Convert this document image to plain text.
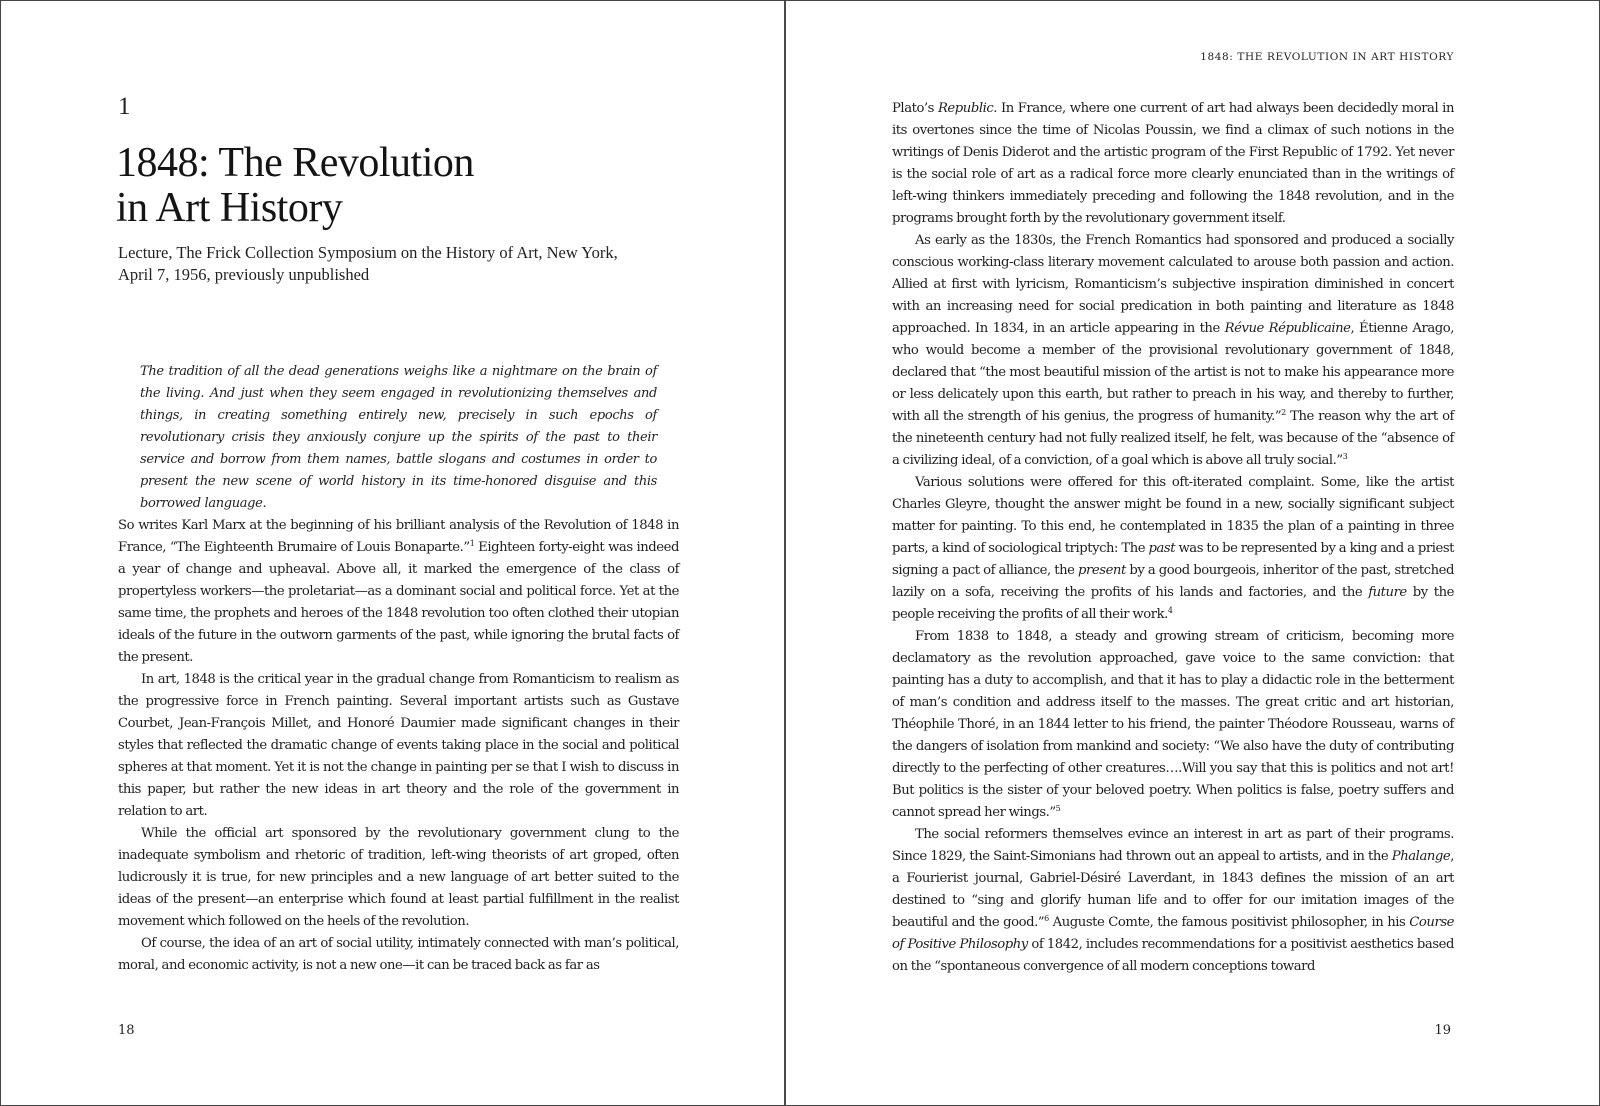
1
1848: The Revolution
in Art History
Lecture, The Frick Collection Symposium on the History of Art, New York,
April 7, 1956, previously unpublished
The tradition of all the dead generations weighs like a nightmare on the brain of the living. And just when they seem engaged in revolutionizing themselves and things, in creating something entirely new, precisely in such epochs of revolutionary crisis they anxiously conjure up the spirits of the past to their service and borrow from them names, battle slogans and costumes in order to present the new scene of world history in its time-honored disguise and this borrowed language.

So writes Karl Marx at the beginning of his brilliant analysis of the Revolution of 1848 in France, “The Eighteenth Brumaire of Louis Bonaparte.”$^1$ Eighteen forty-eight was indeed a year of change and upheaval. Above all, it marked the emergence of the class of propertyless workers—the proletariat—as a dominant social and political force. Yet at the same time, the prophets and heroes of the 1848 revolution too often clothed their utopian ideals of the future in the outworn garments of the past, while ignoring the brutal facts of the present.

In art, 1848 is the critical year in the gradual change from Romanticism to realism as the progressive force in French painting. Several important artists such as Gustave Courbet, Jean-François Millet, and Honoré Daumier made significant changes in their styles that reflected the dramatic change of events taking place in the social and political spheres at that moment. Yet it is not the change in painting per se that I wish to discuss in this paper, but rather the new ideas in art theory and the role of the government in relation to art.

While the official art sponsored by the revolutionary government clung to the inadequate symbolism and rhetoric of tradition, left-wing theorists of art groped, often ludicrously it is true, for new principles and a new language of art better suited to the ideas of the present—an enterprise which found at least partial fulfillment in the realist movement which followed on the heels of the revolution.

Of course, the idea of an art of social utility, intimately connected with man’s political, moral, and economic activity, is not a new one—it can be traced back as far as

18
1848: THE REVOLUTION IN ART HISTORY

Plato’s Republic. In France, where one current of art had always been decidedly moral in its overtones since the time of Nicolas Poussin, we find a climax of such notions in the writings of Denis Diderot and the artistic program of the First Republic of 1792. Yet never is the social role of art as a radical force more clearly enunciated than in the writings of left-wing thinkers immediately preceding and following the 1848 revolution, and in the programs brought forth by the revolutionary government itself.

As early as the 1830s, the French Romantics had sponsored and produced a socially conscious working-class literary movement calculated to arouse both passion and action. Allied at first with lyricism, Romanticism’s subjective inspiration diminished in concert with an increasing need for social predication in both painting and literature as 1848 approached. In 1834, in an article appearing in the Révue Républicaine, Étienne Arago, who would become a member of the provisional revolutionary government of 1848, declared that “the most beautiful mission of the artist is not to make his appearance more or less delicately upon this earth, but rather to preach in his way, and thereby to further, with all the strength of his genius, the progress of humanity.”$^2$ The reason why the art of the nineteenth century had not fully realized itself, he felt, was because of the “absence of a civilizing ideal, of a conviction, of a goal which is above all truly social.”$^3$

Various solutions were offered for this oft-iterated complaint. Some, like the artist Charles Gleyre, thought the answer might be found in a new, socially significant subject matter for painting. To this end, he contemplated in 1835 the plan of a painting in three parts, a kind of sociological triptych: The past was to be represented by a king and a priest signing a pact of alliance, the present by a good bourgeois, inheritor of the past, stretched lazily on a sofa, receiving the profits of his lands and factories, and the future by the people receiving the profits of all their work.$^4$

From 1838 to 1848, a steady and growing stream of criticism, becoming more declamatory as the revolution approached, gave voice to the same conviction: that painting has a duty to accomplish, and that it has to play a didactic role in the betterment of man’s condition and address itself to the masses. The great critic and art historian, Théophile Thoré, in an 1844 letter to his friend, the painter Théodore Rousseau, warns of the dangers of isolation from mankind and society: “We also have the duty of contributing directly to the perfecting of other creatures….Will you say that this is politics and not art! But politics is the sister of your beloved poetry. When politics is false, poetry suffers and cannot spread her wings.”$^5$

The social reformers themselves evince an interest in art as part of their programs. Since 1829, the Saint-Simonians had thrown out an appeal to artists, and in the Phalange, a Fourierist journal, Gabriel-Désiré Laverdant, in 1843 defines the mission of an art destined to “sing and glorify human life and to offer for our imitation images of the beautiful and the good.”$^6$ Auguste Comte, the famous positivist philosopher, in his Course of Positive Philosophy of 1842, includes recommendations for a positivist aesthetics based on the “spontaneous convergence of all modern conceptions toward

19
